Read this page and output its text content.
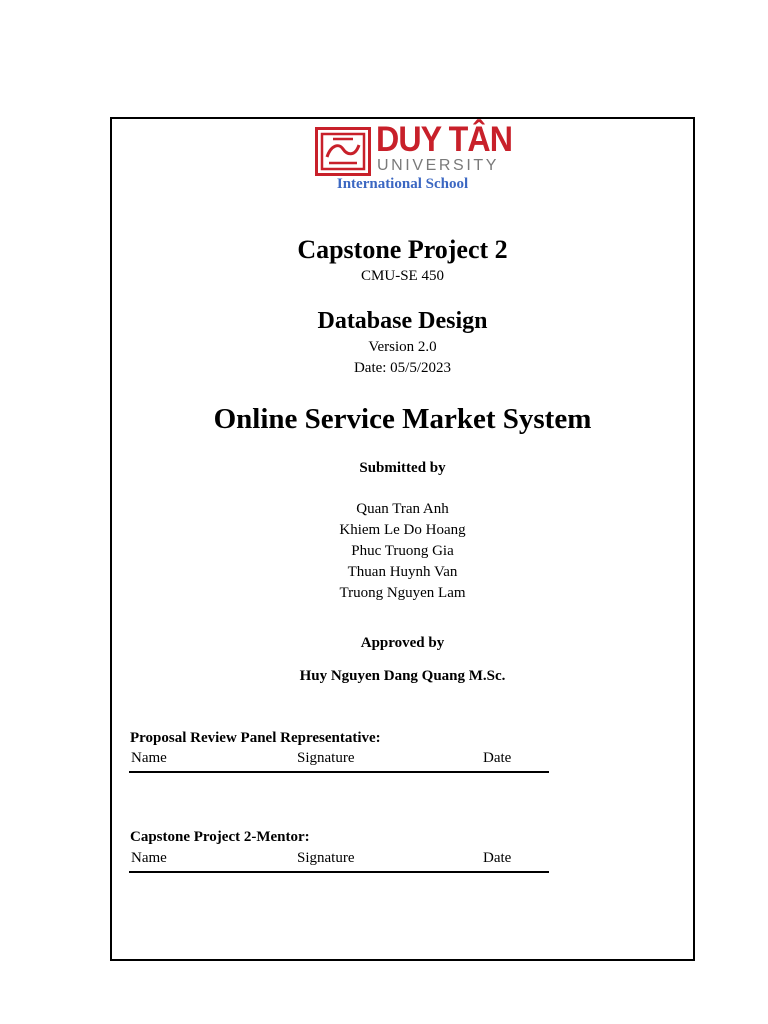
DUY TÂN
UNIVERSITY
International School
Capstone Project 2
CMU-SE 450
Database Design
Version 2.0
Date: 05/5/2023
Online Service Market System
Submitted by
Quan Tran Anh
Khiem Le Do Hoang
Phuc Truong Gia
Thuan Huynh Van
Truong Nguyen Lam
Approved by
Huy Nguyen Dang Quang M.Sc.
Proposal Review Panel Representative:
Name	Signature	Date
Capstone Project 2-Mentor:
Name	Signature	Date
